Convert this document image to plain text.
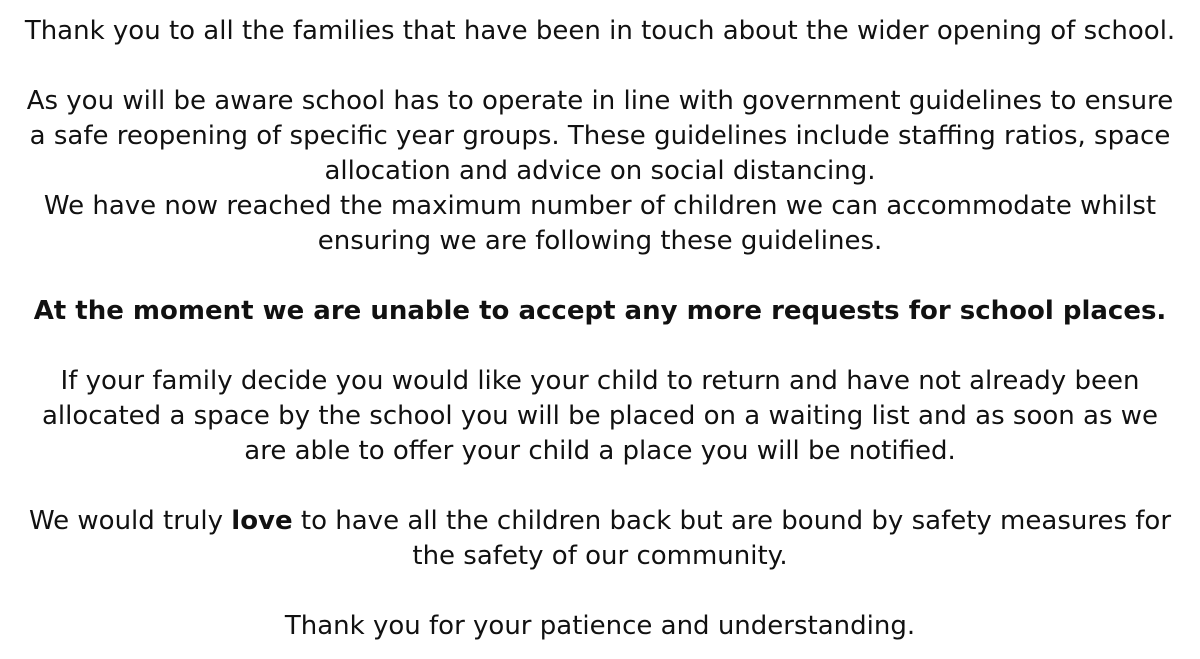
Thank you to all the families that have been in touch about the wider opening of school.

As you will be aware school has to operate in line with government guidelines to ensure a safe reopening of specific year groups. These guidelines include staffing ratios, space allocation and advice on social distancing.

We have now reached the maximum number of children we can accommodate whilst ensuring we are following these guidelines.

At the moment we are unable to accept any more requests for school places.

If your family decide you would like your child to return and have not already been allocated a space by the school you will be placed on a waiting list and as soon as we are able to offer your child a place you will be notified.

We would truly love to have all the children back but are bound by safety measures for the safety of our community.

Thank you for your patience and understanding.
